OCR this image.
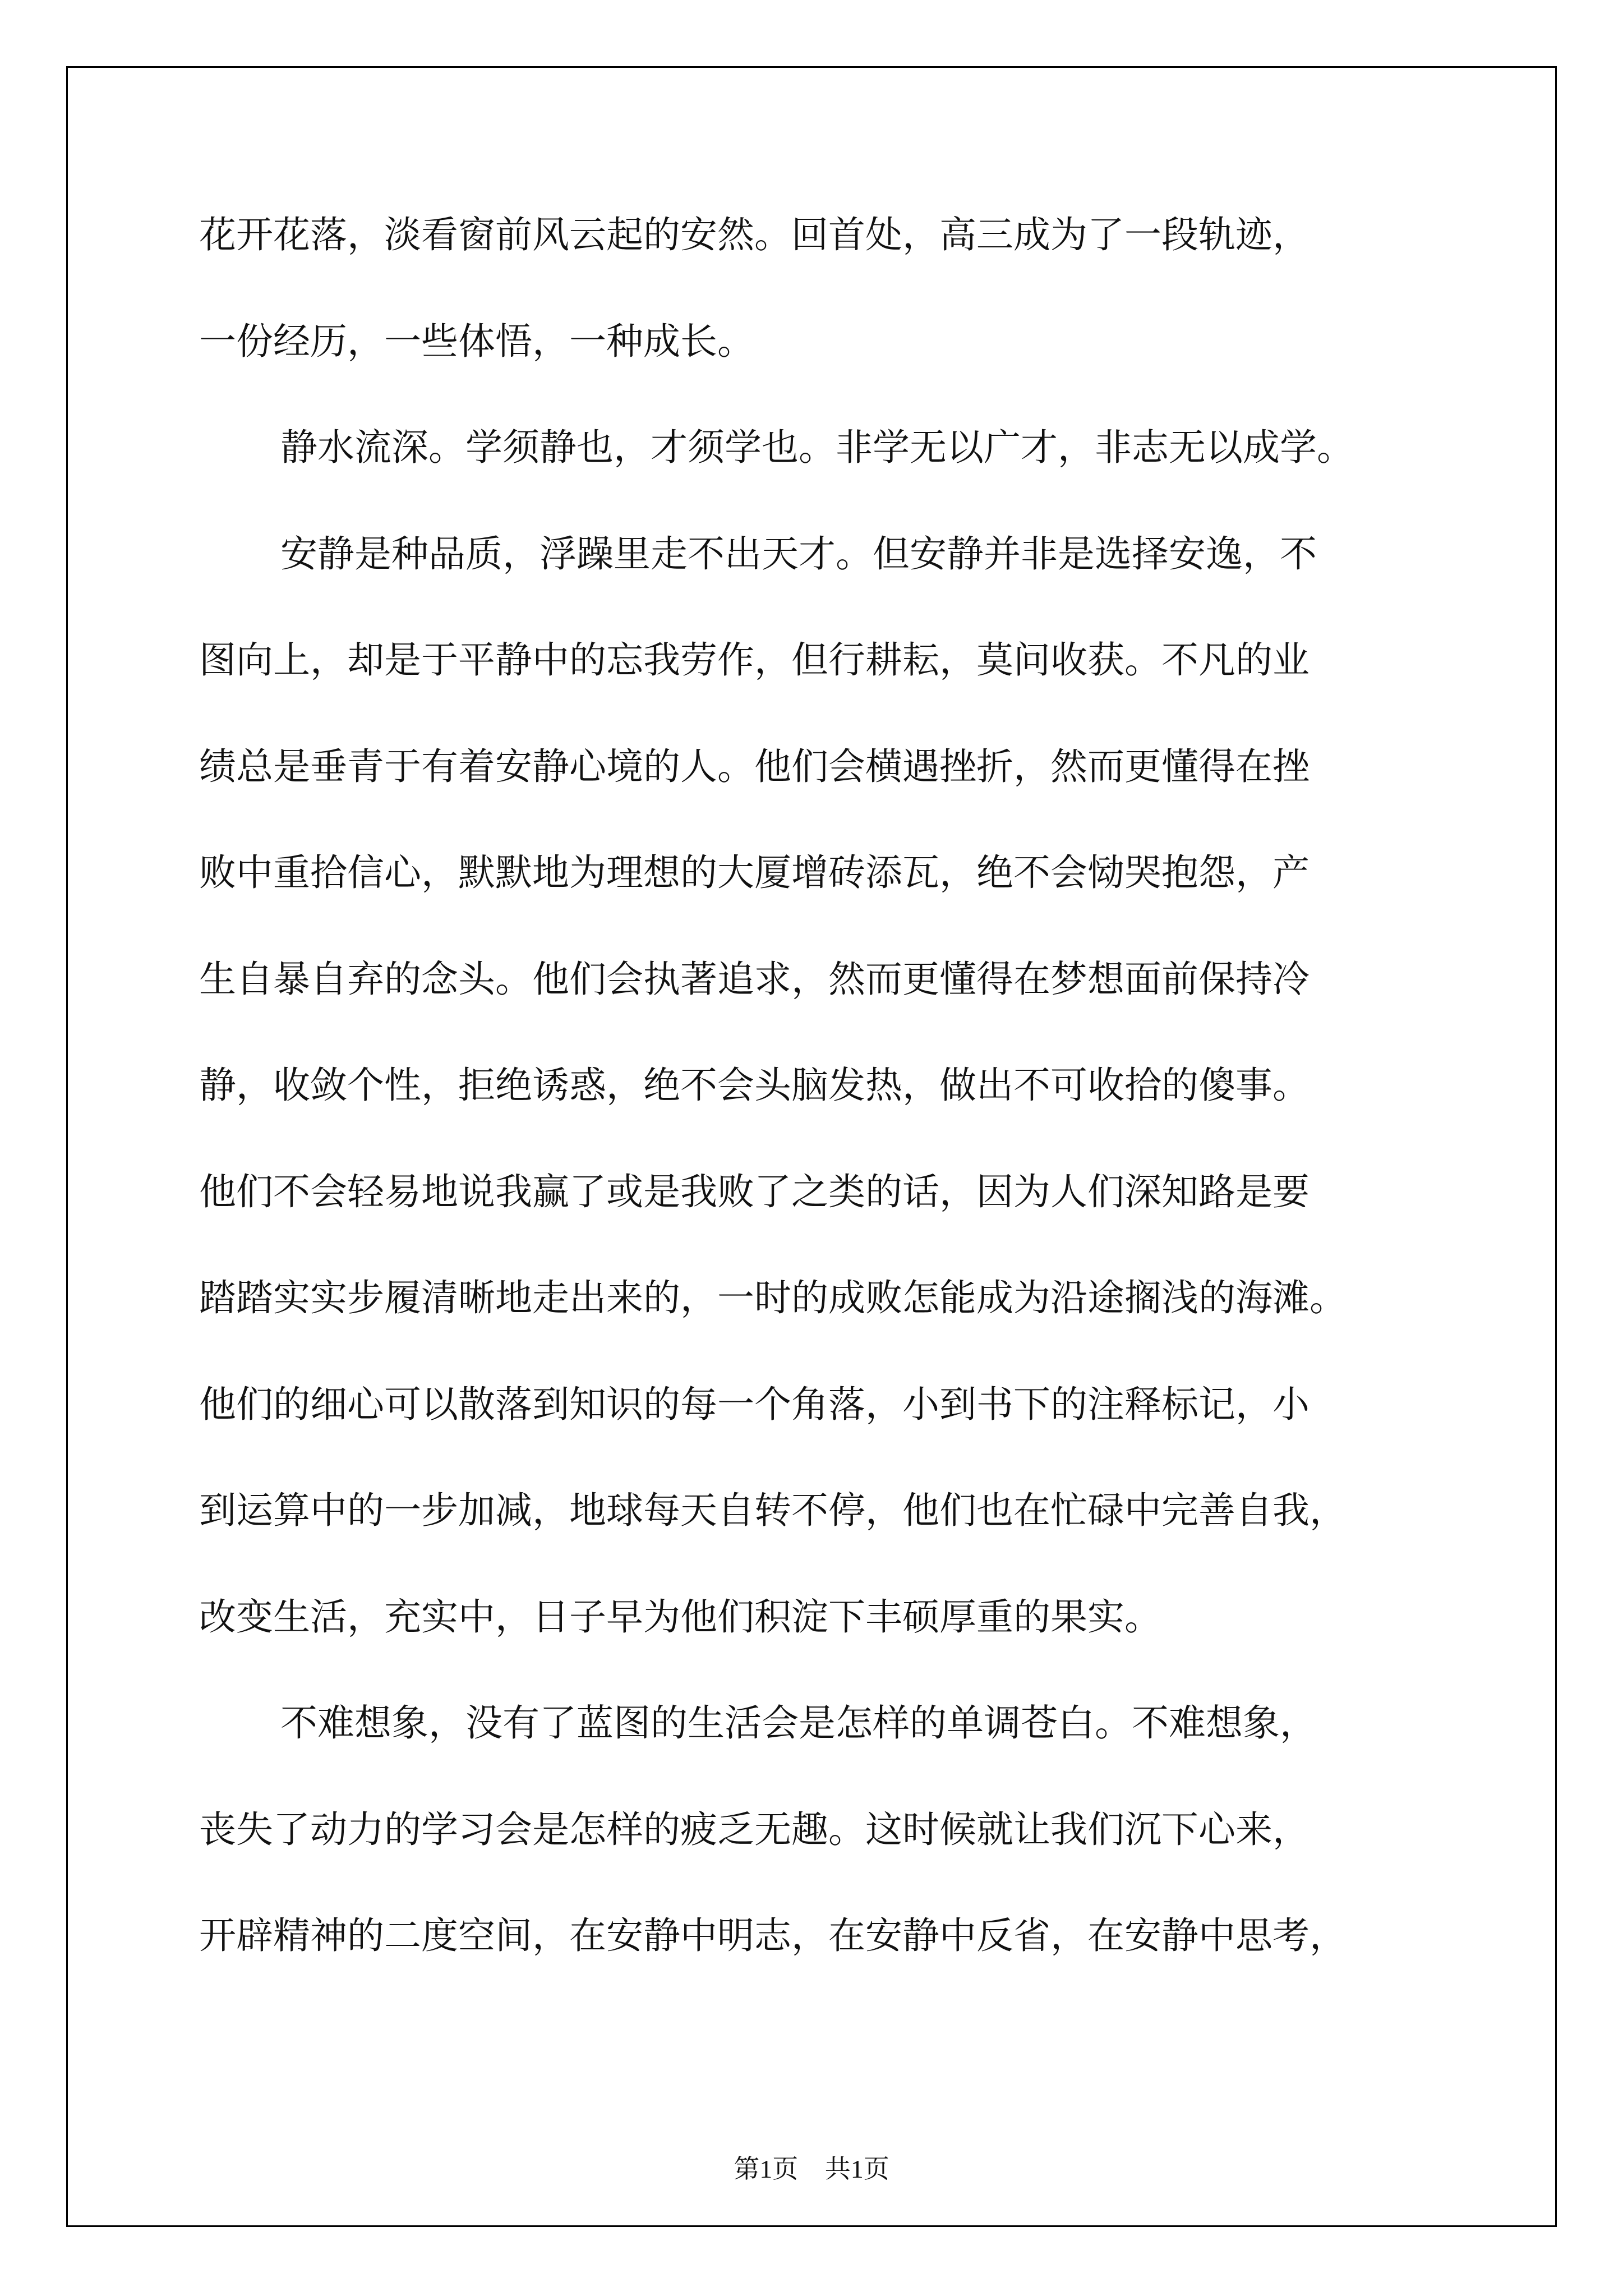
花开花落，淡看窗前风云起的安然。回首处，高三成为了一段轨迹，
一份经历，一些体悟，一种成长。
静水流深。学须静也，才须学也。非学无以广才，非志无以成学。
安静是种品质，浮躁里走不出天才。但安静并非是选择安逸，不
图向上，却是于平静中的忘我劳作，但行耕耘，莫问收获。不凡的业
绩总是垂青于有着安静心境的人。他们会横遇挫折，然而更懂得在挫
败中重拾信心，默默地为理想的大厦增砖添瓦，绝不会恸哭抱怨，产
生自暴自弃的念头。他们会执著追求，然而更懂得在梦想面前保持冷
静，收敛个性，拒绝诱惑，绝不会头脑发热，做出不可收拾的傻事。
他们不会轻易地说我赢了或是我败了之类的话，因为人们深知路是要
踏踏实实步履清晰地走出来的，一时的成败怎能成为沿途搁浅的海滩。
他们的细心可以散落到知识的每一个角落，小到书下的注释标记，小
到运算中的一步加减，地球每天自转不停，他们也在忙碌中完善自我，
改变生活，充实中，日子早为他们积淀下丰硕厚重的果实。
不难想象，没有了蓝图的生活会是怎样的单调苍白。不难想象，
丧失了动力的学习会是怎样的疲乏无趣。这时候就让我们沉下心来，
开辟精神的二度空间，在安静中明志，在安静中反省，在安静中思考，
第1页 共1页
